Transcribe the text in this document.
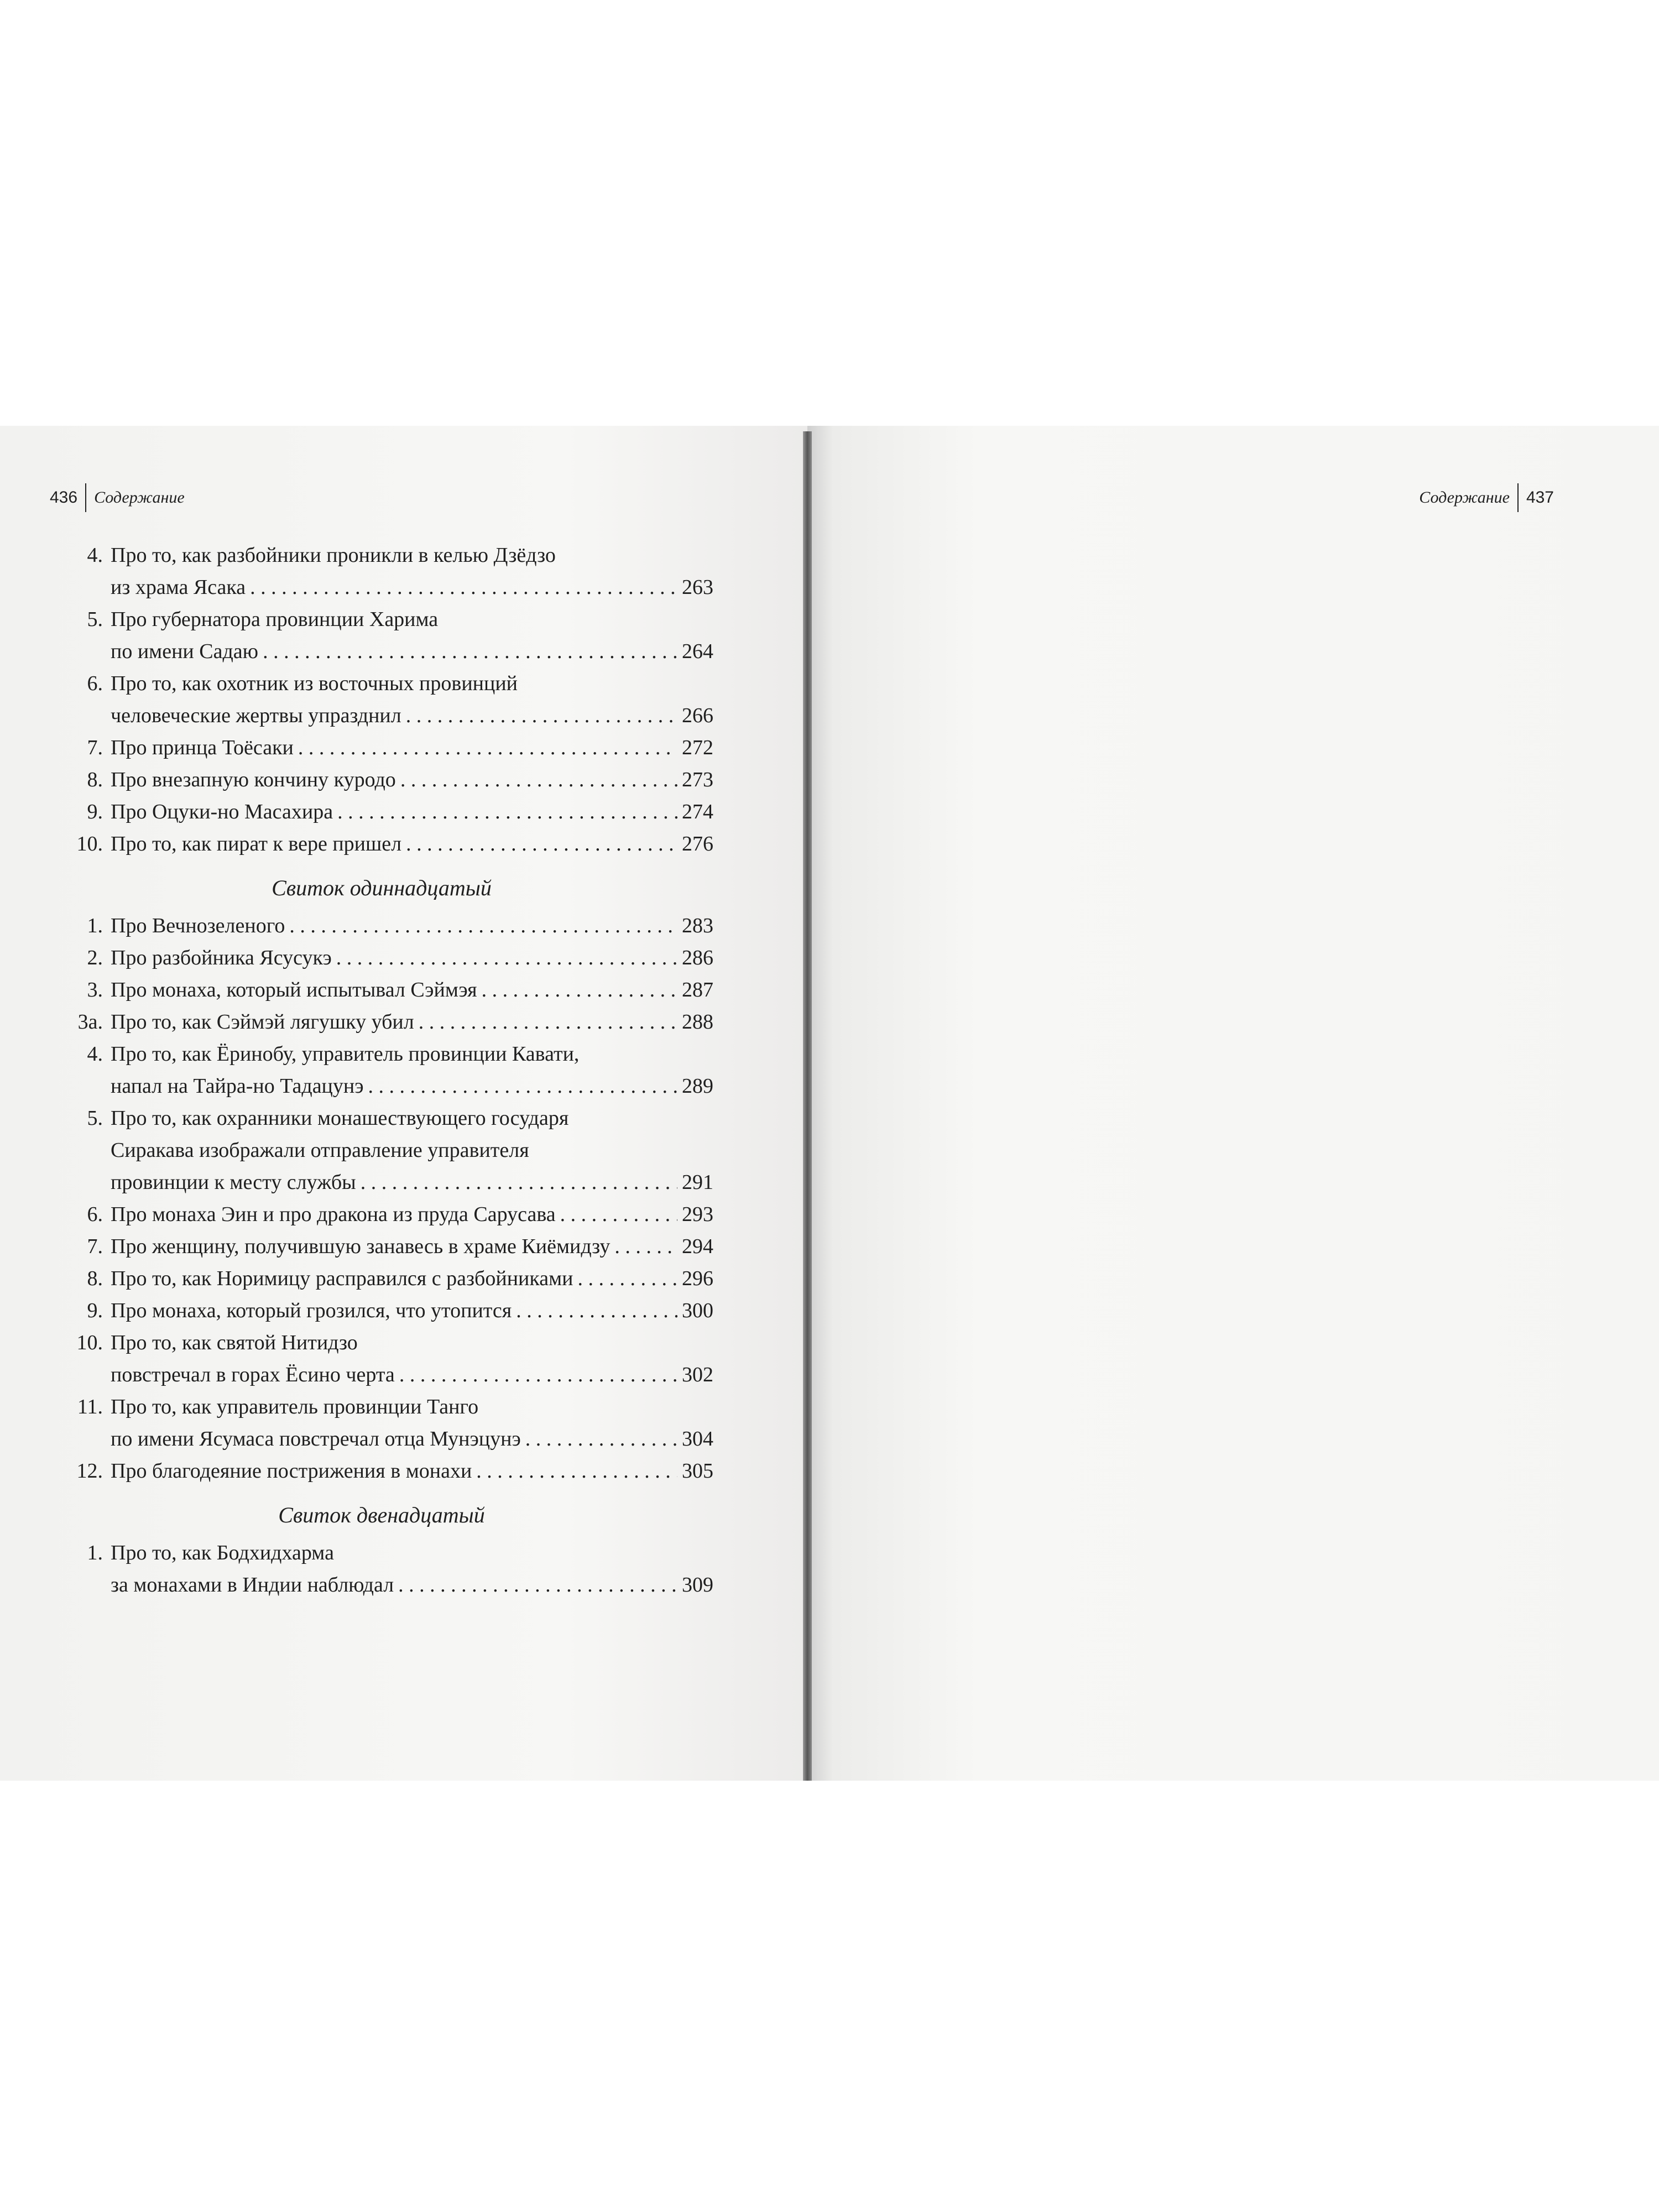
436 Содержание
4. Про то, как разбойники проникли в келью Дзёдзо
из храма Ясака . . .	263
5. Про губернатора провинции Харима
по имени Садаю . . .	264
6. Про то, как охотник из восточных провинций
человеческие жертвы упразднил . . .	266
7. Про принца Тоёсаки . . .	272
8. Про внезапную кончину куродо . . .	273
9. Про Оцуки-но Масахира . . .	274
10. Про то, как пират к вере пришел . . .	276
Свиток одиннадцатый
1. Про Вечнозеленого . . .	283
2. Про разбойника Ясусукэ . . .	286
3. Про монаха, который испытывал Сэймэя . . .	287
3a. Про то, как Сэймэй лягушку убил . . .	288
4. Про то, как Ёринобу, управитель провинции Кавати,
напал на Тайра-но Тадацунэ . . .	289
5. Про то, как охранники монашествующего государя
Сиракава изображали отправление управителя
провинции к месту службы . . .	291
6. Про монаха Эин и про дракона из пруда Сарусава . . .	293
7. Про женщину, получившую занавесь в храме Киёмидзу . . .	294
8. Про то, как Норимицу расправился с разбойниками . . .	296
9. Про монаха, который грозился, что утопится . . .	300
10. Про то, как святой Нитидзо
повстречал в горах Ёсино черта . . .	302
11. Про то, как управитель провинции Танго
по имени Ясумаса повстречал отца Мунэцунэ . . .	304
12. Про благодеяние пострижения в монахи . . .	305
Свиток двенадцатый
1. Про то, как Бодхидхарма
за монахами в Индии наблюдал . . .	309
Содержание 437
